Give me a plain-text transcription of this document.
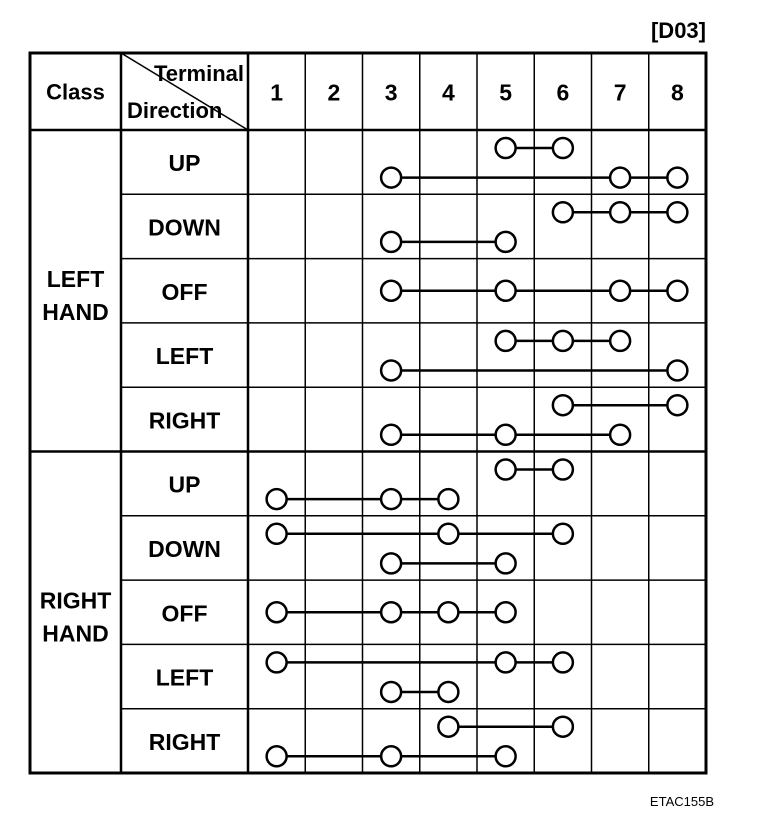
[D03]
ETAC155B
Class
Terminal
Direction
1 2 3 4 5 6 7 8
LEFT
HAND
UP
DOWN
OFF
LEFT
RIGHT
RIGHT
HAND
UP
DOWN
OFF
LEFT
RIGHT
